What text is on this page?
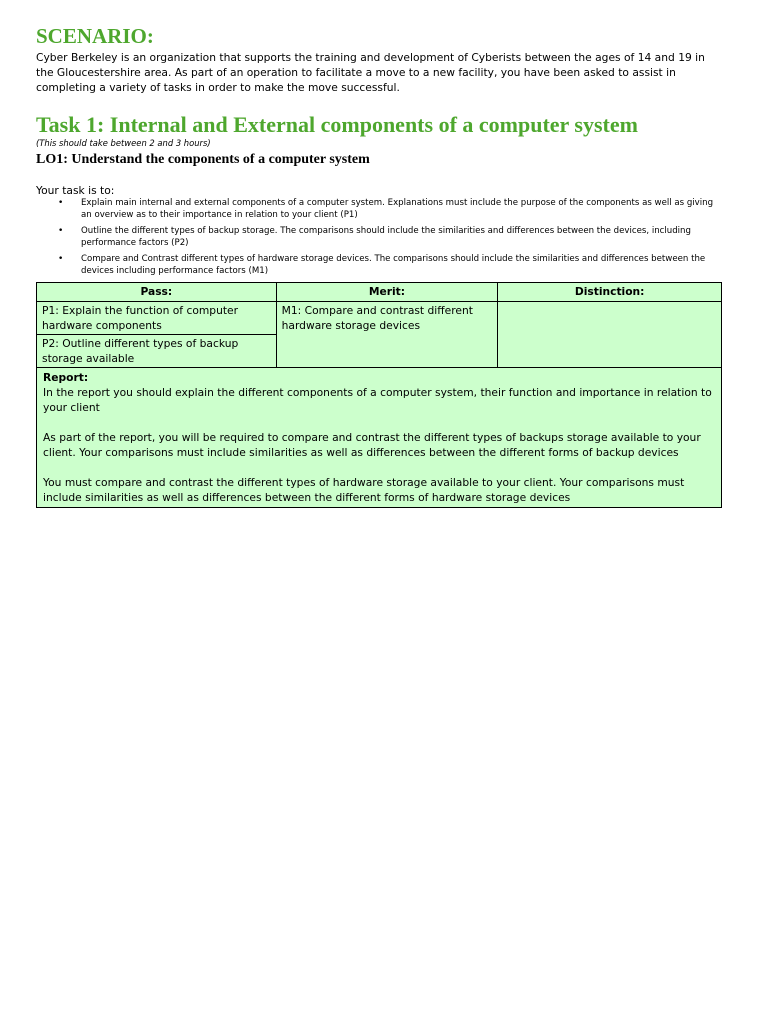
SCENARIO:

Cyber Berkeley is an organization that supports the training and development of Cyberists between the ages of 14 and 19 in the Gloucestershire area. As part of an operation to facilitate a move to a new facility, you have been asked to assist in completing a variety of tasks in order to make the move successful.

Task 1: Internal and External components of a computer system

(This should take between 2 and 3 hours)

LO1: Understand the components of a computer system

Your task is to:

• Explain main internal and external components of a computer system. Explanations must include the purpose of the components as well as giving an overview as to their importance in relation to your client (P1)
• Outline the different types of backup storage. The comparisons should include the similarities and differences between the devices, including performance factors (P2)
• Compare and Contrast different types of hardware storage devices. The comparisons should include the similarities and differences between the devices including performance factors (M1)
Pass:	Merit:	Distinction:
P1: Explain the function of computer hardware components	M1: Compare and contrast different hardware storage devices	
P2: Outline different types of backup storage available		

Report:

In the report you should explain the different components of a computer system, their function and importance in relation to your client

As part of the report, you will be required to compare and contrast the different types of backups storage available to your client. Your comparisons must include similarities as well as differences between the different forms of backup devices

You must compare and contrast the different types of hardware storage available to your client. Your comparisons must include similarities as well as differences between the different forms of hardware storage devices		
